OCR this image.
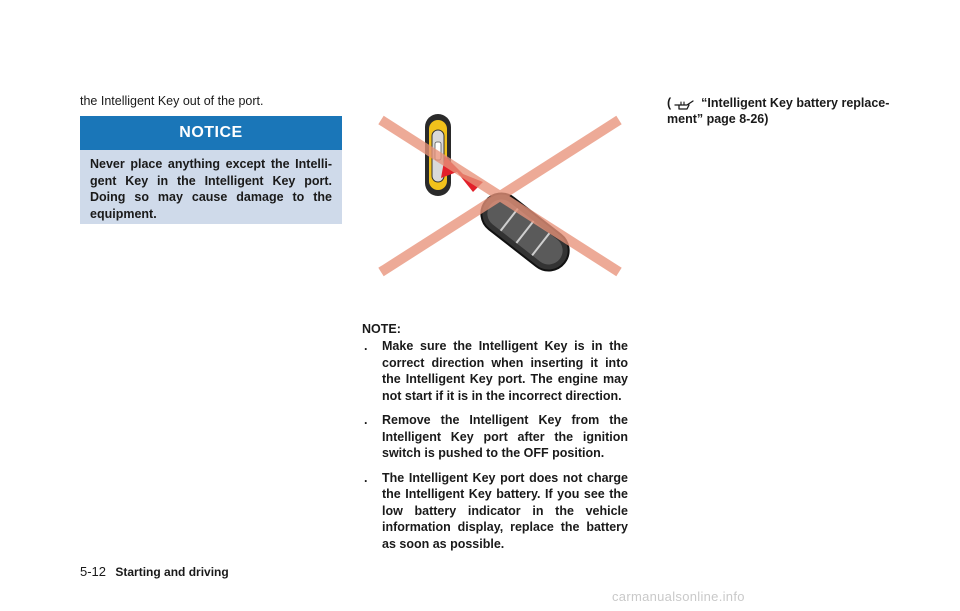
the Intelligent Key out of the port.
NOTICE
Never place anything except the Intelli-gent Key in the Intelligent Key port. Doing so may cause damage to the equipment.
NOTE:
. Make sure the Intelligent Key is in the correct direction when inserting it into the Intelligent Key port. The engine may not start if it is in the incorrect direction.
. Remove the Intelligent Key from the Intelligent Key port after the ignition switch is pushed to the OFF position.
. The Intelligent Key port does not charge the Intelligent Key battery. If you see the low battery indicator in the vehicle information display, replace the battery as soon as possible.
( “Intelligent Key battery replace-ment” page 8-26)
5-12 Starting and driving
carmanualsonline.info
